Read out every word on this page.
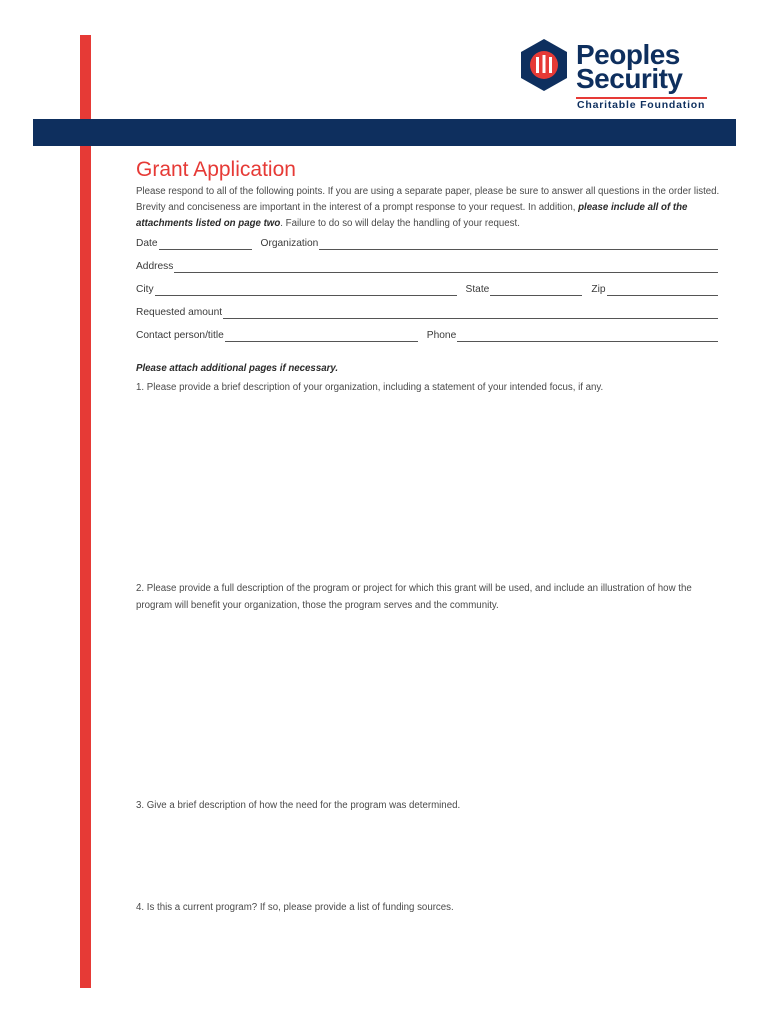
Peoples
Security
Charitable Foundation
Grant Application
Please respond to all of the following points. If you are using a separate paper, please be sure to answer all questions in the order listed. Brevity and conciseness are important in the interest of a prompt response to your request. In addition, please include all of the attachments listed on page two. Failure to do so will delay the handling of your request.
Date	Organization
Address
City	State	Zip
Requested amount
Contact person/title	Phone
Please attach additional pages if necessary.
1. Please provide a brief description of your organization, including a statement of your intended focus, if any.
2. Please provide a full description of the program or project for which this grant will be used, and include an illustration of how the program will benefit your organization, those the program serves and the community.
3. Give a brief description of how the need for the program was determined.
4. Is this a current program? If so, please provide a list of funding sources.
